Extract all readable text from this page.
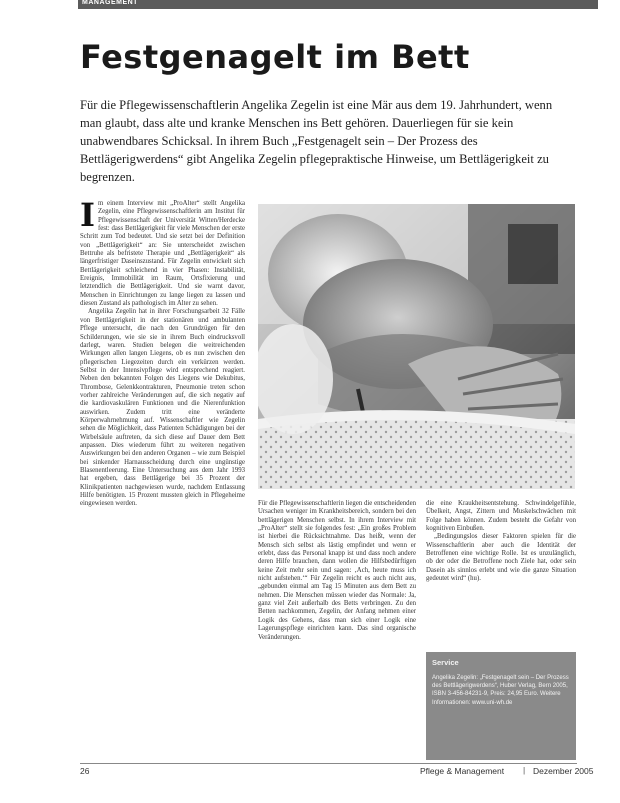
MANAGEMENT
Festgenagelt im Bett

Für die Pflegewissenschaftlerin Angelika Zegelin ist eine Mär aus dem 19. Jahrhundert, wenn man glaubt, dass alte und kranke Menschen ins Bett gehören. Dauerliegen für sie kein unabwendbares Schicksal. In ihrem Buch „Festgenagelt sein – Der Prozess des Bettlägerigwerdens“ gibt Angelika Zegelin pflegepraktische Hinweise, um Bettlägerigkeit zu begrenzen.

I m einem Interview mit „ProAlter“ stellt Angelika Zegelin, eine Pflegewissenschaftlerin am Institut für Pflegewissenschaft der Universität Witten/Herdecke fest: dass Bettlägerigkeit für viele Menschen der erste Schritt zum Tod bedeutet. Und sie setzt bei der Definition von „Bettlägerigkeit“ an: Sie unterscheidet zwischen Bettruhe als befristete Therapie und „Bettlägerigkeit“ als längerfristiger Daseinszustand. Für Zegelin entwickelt sich Bettlägerigkeit schleichend in vier Phasen: Instabilität, Ereignis, Immobilität im Raum, Ortsfixierung und letztendlich die Bettlägerigkeit. Und sie warnt davor, Menschen in Einrichtungen zu lange liegen zu lassen und diesen Zustand als pathologisch im Alter zu sehen.

Angelika Zegelin hat in ihrer Forschungsarbeit 32 Fälle von Bettlägerigkeit in der stationären und ambulanten Pflege untersucht, die nach den Grundzügen für den Schilderungen, wie sie sie in ihrem Buch eindrucksvoll darlegt, waren. Studien belegen die weitreichenden Wirkungen allen langen Liegens, ob es nun zwischen den pflegerischen Liegezeiten durch ein verkürzen werden. Selbst in der Intensivpflege wird entsprechend reagiert. Neben den bekannten Folgen des Liegens wie Dekubitus, Thrombose, Gelenkkontrakturen, Pneumonie treten schon vorher zahlreiche Veränderungen auf, die sich negativ auf die kardiovaskulären Funktionen und die Nierenfunktion auswirken. Zudem tritt eine veränderte Körperwahrnehmung auf. Wissenschaftler wie Zegelin sehen die Möglichkeit, dass Patienten Schädigungen bei der Wirbelsäule auftreten, da sich diese auf Dauer dem Bett anpassen. Dies wiederum führt zu weiteren negativen Auswirkungen bei den anderen Organen – wie zum Beispiel bei sinkender Harnausscheidung durch eine ungünstige Blasenentleerung. Eine Untersuchung aus dem Jahr 1993 hat ergeben, dass Bettlägerige bei 35 Prozent der Klinikpatienten nachgewiesen wurde, nachdem Entlassung Hilfe benötigten. 15 Prozent mussten gleich in Pflegeheime eingewiesen werden.	Für die Pflegewissenschaftlerin liegen die entscheidenden Ursachen weniger im Krankheitsbereich, sondern bei den bettlägerigen Menschen selbst. In ihrem Interview mit „ProAlter“ stellt sie folgendes fest: „Ein großes Problem ist hierbei die Rücksichtnahme. Das heißt, wenn der Mensch sich selbst als lästig empfindet und wenn er erlebt, dass das Personal knapp ist und dass noch andere deren Hilfe brauchen, dann wollen die Hilfsbedürftigen keine Zeit mehr sein und sagen: ‚Ach, heute muss ich nicht aufstehen.‘“ Für Zegelin reicht es auch nicht aus, „gebunden einmal am Tag 15 Minuten aus dem Bett zu nehmen. Die Menschen müssen wieder das Normale: Ja, ganz viel Zeit außerhalb des Betts verbringen. Zu den Betten nachkommen, Zegelin, der Anfang nehmen einer Logik des Gehens, dass man sich einer Logik eine Lagerungspflege einrichten kann. Das sind organische Veränderungen.

die eine Kraukheitsentstehung. Schwindelgefühle, Übelkeit, Angst, Zittern und Muskelschwächen mit Folge haben können. Zudem besteht die Gefahr von kognitiven Einbußen.

„Bedingungslos dieser Faktoren spielen für die Wissenschaftlerin aber auch die Identität der Betroffenen eine wichtige Rolle. Ist es unzulänglich, ob der oder die Betroffene noch Ziele hat, oder sein Dasein als sinnlos erlebt und wie die ganze Situation gedeutet wird“ (hu).

Service

Angelika Zegelin: „Festgenagelt sein – Der Prozess des Bettlägerigwerdens“, Huber Verlag, Bern 2005, ISBN 3-456-84231-9, Preis: 24,95 Euro. Weitere Informationen: www.uni-wh.de

26	Pflege & Management | Dezember 2005
